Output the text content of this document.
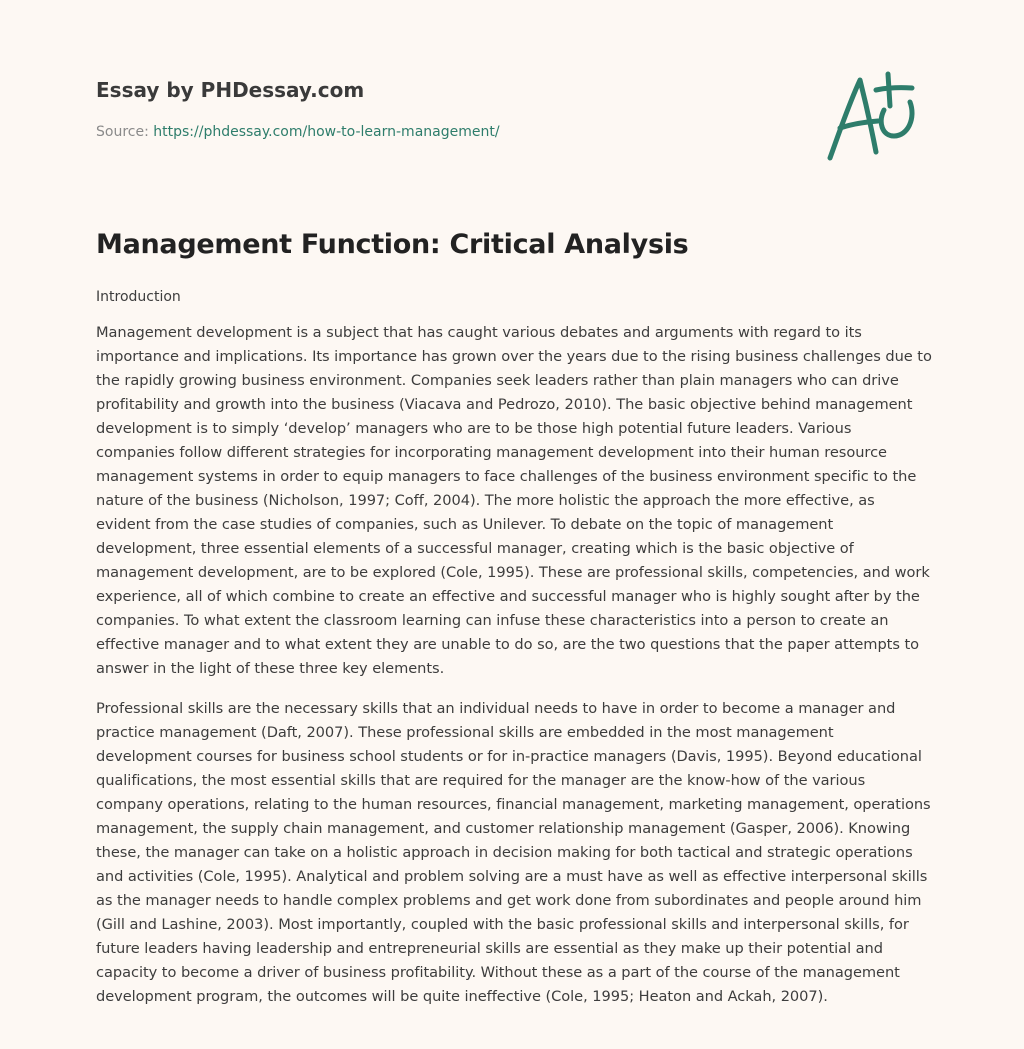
Essay by PHDessay.com
Source: https://phdessay.com/how-to-learn-management/
A+
Management Function: Critical Analysis

Introduction

Management development is a subject that has caught various debates and arguments with regard to its importance and implications. Its importance has grown over the years due to the rising business challenges due to the rapidly growing business environment. Companies seek leaders rather than plain managers who can drive profitability and growth into the business (Viacava and Pedrozo, 2010). The basic objective behind management development is to simply ‘develop’ managers who are to be those high potential future leaders. Various companies follow different strategies for incorporating management development into their human resource management systems in order to equip managers to face challenges of the business environment specific to the nature of the business (Nicholson, 1997; Coff, 2004). The more holistic the approach the more effective, as evident from the case studies of companies, such as Unilever. To debate on the topic of management development, three essential elements of a successful manager, creating which is the basic objective of management development, are to be explored (Cole, 1995). These are professional skills, competencies, and work experience, all of which combine to create an effective and successful manager who is highly sought after by the companies. To what extent the classroom learning can infuse these characteristics into a person to create an effective manager and to what extent they are unable to do so, are the two questions that the paper attempts to answer in the light of these three key elements.

Professional skills are the necessary skills that an individual needs to have in order to become a manager and practice management (Daft, 2007). These professional skills are embedded in the most management development courses for business school students or for in-practice managers (Davis, 1995). Beyond educational qualifications, the most essential skills that are required for the manager are the know-how of the various company operations, relating to the human resources, financial management, marketing management, operations management, the supply chain management, and customer relationship management (Gasper, 2006). Knowing these, the manager can take on a holistic approach in decision making for both tactical and strategic operations and activities (Cole, 1995). Analytical and problem solving are a must have as well as effective interpersonal skills as the manager needs to handle complex problems and get work done from subordinates and people around him (Gill and Lashine, 2003). Most importantly, coupled with the basic professional skills and interpersonal skills, for future leaders having leadership and entrepreneurial skills are essential as they make up their potential and capacity to become a driver of business profitability. Without these as a part of the course of the management development program, the outcomes will be quite ineffective (Cole, 1995; Heaton and Ackah, 2007).
